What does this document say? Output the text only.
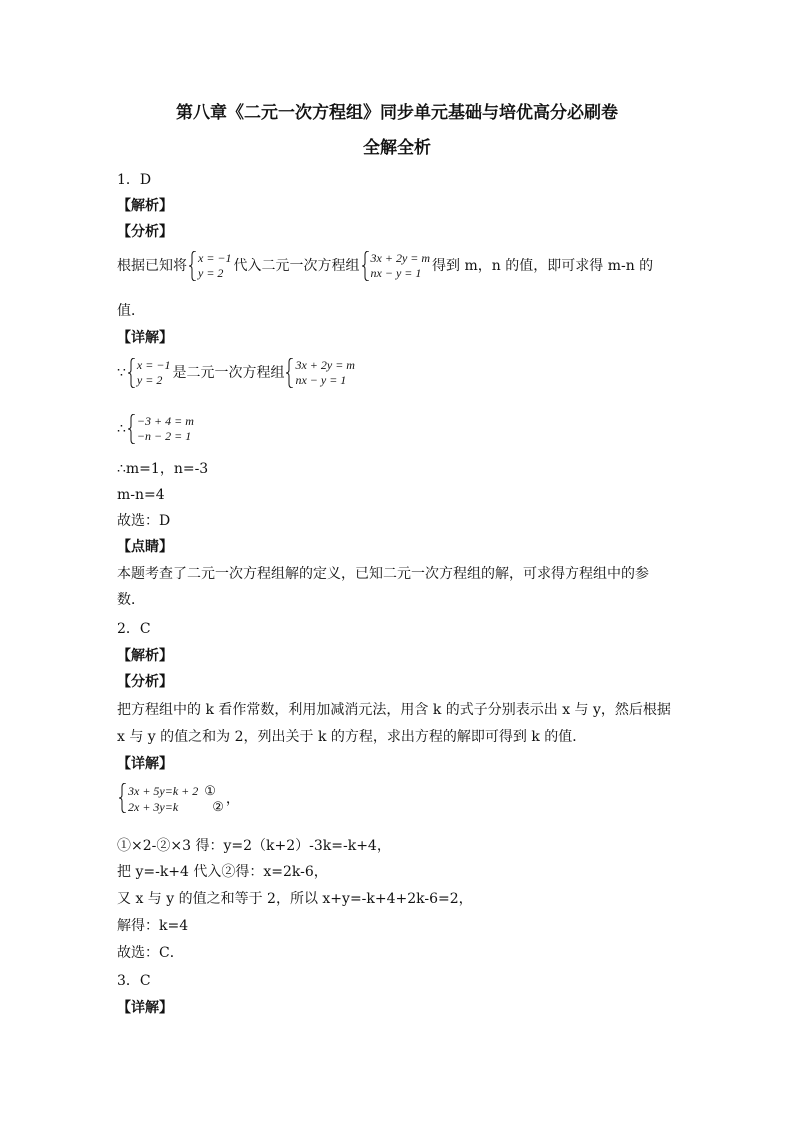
第八章《二元一次方程组》同步单元基础与培优高分必刷卷
全解全析
1．D
【解析】
【分析】
根据已知将 x = −1
y = 2 代入二元一次方程组 3x + 2y = m
nx − y = 1 得到 m，n 的值，即可求得 m-n 的
值．
【详解】
∵ x = −1
y = 2 是二元一次方程组 3x + 2y = m
nx − y = 1
∴ −3 + 4 = m
−n − 2 = 1
∴m=1，n=-3
m-n=4
故选：D
【点睛】
本题考查了二元一次方程组解的定义，已知二元一次方程组的解，可求得方程组中的参
数．
2．C
【解析】
【分析】
把方程组中的 k 看作常数，利用加减消元法，用含 k 的式子分别表示出 x 与 y，然后根据
x 与 y 的值之和为 2，列出关于 k 的方程，求出方程的解即可得到 k 的值．
【详解】
3x + 5y=k + 2 ①
2x + 3y=k	② ，
①×2-②×3 得：y=2（k+2）-3k=-k+4，
把 y=-k+4 代入②得：x=2k-6，
又 x 与 y 的值之和等于 2，所以 x+y=-k+4+2k-6=2，
解得：k=4
故选：C．
3．C
【详解】
